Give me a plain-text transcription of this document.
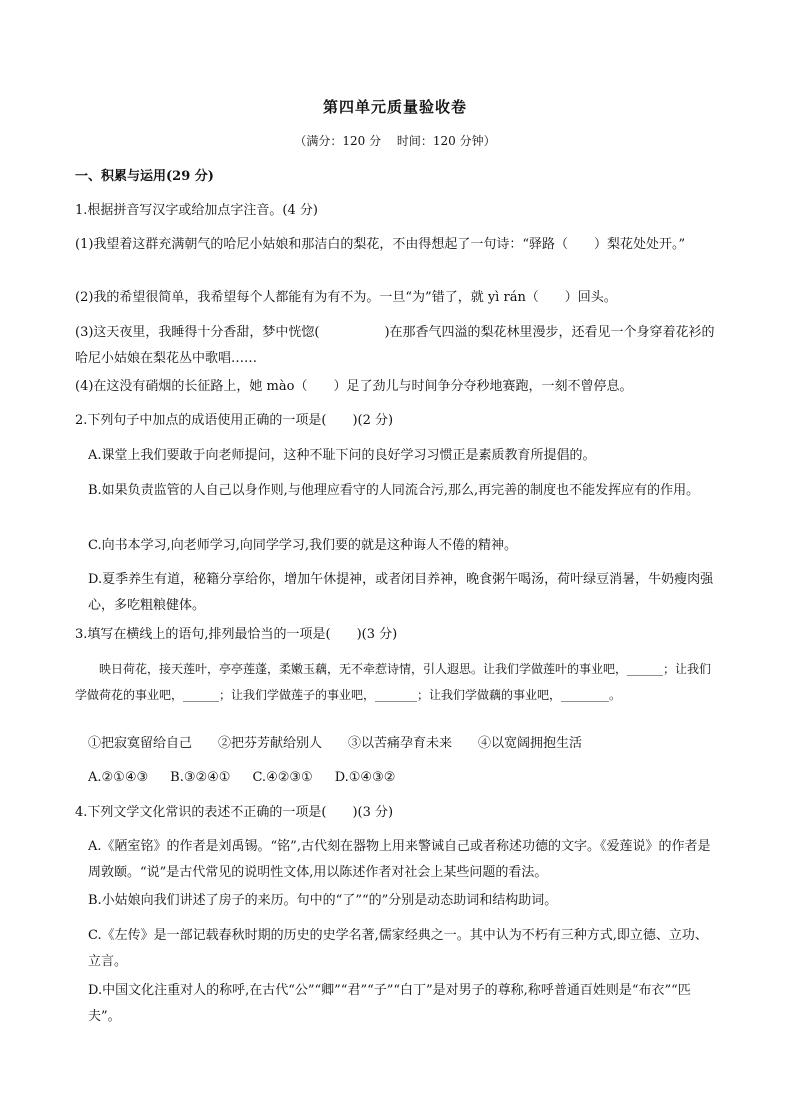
第四单元质量验收卷
（满分：120 分　 时间：120 分钟）

一、积累与运用(29 分)

1.根据拼音写汉字或给加点字注音。(4 分)

(1)我望着这群充满朝气的哈尼小姑娘和那洁白的梨花，不由得想起了一句诗：“驿路（　　）梨花处处开。”

(2)我的希望很简单，我希望每个人都能有为有不为。一旦“为”错了，就 yì rán（　　）回头。

(3)这天夜里，我睡得十分香甜，梦中恍惚(　　　　　)在那香气四溢的梨花林里漫步，还看见一个身穿着花衫的哈尼小姑娘在梨花丛中歌唱……

(4)在这没有硝烟的长征路上，她 mào（　　）足了劲儿与时间争分夺秒地赛跑，一刻不曾停息。

2.下列句子中加点的成语使用正确的一项是(　　)(2 分)

A.课堂上我们要敢于向老师提问，这种不耻下问的良好学习习惯正是素质教育所提倡的。

B.如果负责监管的人自己以身作则,与他理应看守的人同流合污,那么,再完善的制度也不能发挥应有的作用。

C.向书本学习,向老师学习,向同学学习,我们要的就是这种诲人不倦的精神。

D.夏季养生有道，秘籍分享给你，增加午休提神，或者闭目养神，晚食粥午喝汤，荷叶绿豆消暑，牛奶瘦肉强心，多吃粗粮健体。

3.填写在横线上的语句,排列最恰当的一项是(　　)(3 分)

　　映日荷花，接天莲叶，亭亭莲蓬，柔嫩玉藕，无不牵惹诗情，引人遐思。让我们学做莲叶的事业吧，______；让我们学做荷花的事业吧，______；让我们学做莲子的事业吧，_______；让我们学做藕的事业吧，________。

①把寂寞留给自己 ②把芬芳献给别人 ③以苦痛孕育未来 ④以宽阔拥抱生活
A.②①④③ B.③②④① C.④②③① D.①④③②

4.下列文学文化常识的表述不正确的一项是(　　)(3 分)

A.《陋室铭》的作者是刘禹锡。“铭”,古代刻在器物上用来警诫自己或者称述功德的文字。《爱莲说》的作者是周敦颐。“说”是古代常见的说明性文体,用以陈述作者对社会上某些问题的看法。

B.小姑娘向我们讲述了房子的来历。句中的“了”“的”分别是动态助词和结构助词。

C.《左传》是一部记载春秋时期的历史的史学名著,儒家经典之一。其中认为不朽有三种方式,即立德、立功、立言。

D.中国文化注重对人的称呼,在古代“公”“卿”“君”“子”“白丁”是对男子的尊称,称呼普通百姓则是“布衣”“匹夫”。
